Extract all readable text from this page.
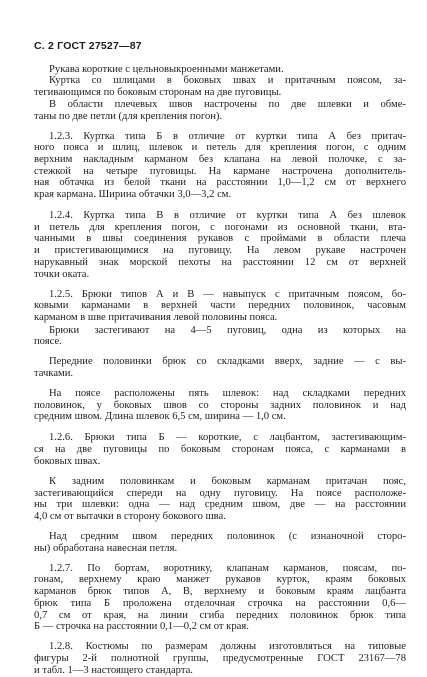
С. 2 ГОСТ 27527—87
Рукава короткие с цельновыкроенными манжетами.
Куртка со шлицами в боковых швах и притачным поясом, за-
тегивающимся по боковым сторонам на две пуговицы.
В области плечевых швов настрочены по две шлевки и обме-
таны по две петли (для крепления погон).
1.2.3. Куртка типа Б в отличие от куртки типа А без притач-
ного пояса и шлиц, шлевок и петель для крепления погон, с одним
верхним накладным карманом без клапана на левой полочке, с за-
стежкой на четыре пуговицы. На кармане настрочена дополнитель-
ная обтачка из белой ткани на расстоянии 1,0—1,2 см от верхнего
края кармана. Ширина обтачки 3,0—3,2 см.
1.2.4. Куртка типа В в отличие от куртки типа А без шлевок
и петель для крепления погон, с погонами из основной ткани, вта-
чанными в швы соединения рукавов с проймами в области плеча
и пристегивающимися на пуговицу. На левом рукаве настрочен
нарукавный знак морской пехоты на расстоянии 12 см от верхней
точки оката.
1.2.5. Брюки типов А и В — навыпуск с притачным поясом, бо-
ковыми карманами в верхней части передних половинок, часовым
карманом в шве притачивания левой половины пояса.
Брюки застегивают на 4—5 пуговиц, одна из которых на
поясе.
Передние половинки брюк со складками вверх, задние — с вы-
тачками.
На поясе расположены пять шлевок: над складками передних
половинок, у боковых швов со стороны задних половинок и над
средним швом. Длина шлевок 6,5 см, ширина — 1,0 см.
1.2.6. Брюки типа Б — короткие, с лацбантом, застегивающим-
ся на две пуговицы по боковым сторонам пояса, с карманами в
боковых швах.
К задним половинкам и боковым карманам притачан пояс,
застегивающийся спереди на одну пуговицу. На поясе расположе-
ны три шлевки: одна — над средним швом, две — на расстоянии
4,0 см от вытачки в сторону бокового шва.
Над средним швом передних половинок (с изнаночной сторо-
ны) обработана навесная петля.
1.2.7. По бортам, воротнику, клапанам карманов, поясам, по-
гонам, верхнему краю манжет рукавов курток, краям боковых
карманов брюк типов А, В, верхнему и боковым краям лацбанта
брюк типа Б проложена отделочная строчка на расстоянии 0,6—
0,7 см от края, на линии сгиба передних половинок брюк типа
Б — строчка на расстоянии 0,1—0,2 см от края.
1.2.8. Костюмы по размерам должны изготовляться на типовые
фигуры 2-й полнотной группы, предусмотренные ГОСТ 23167—78
и табл. 1—3 настоящего стандарта.
